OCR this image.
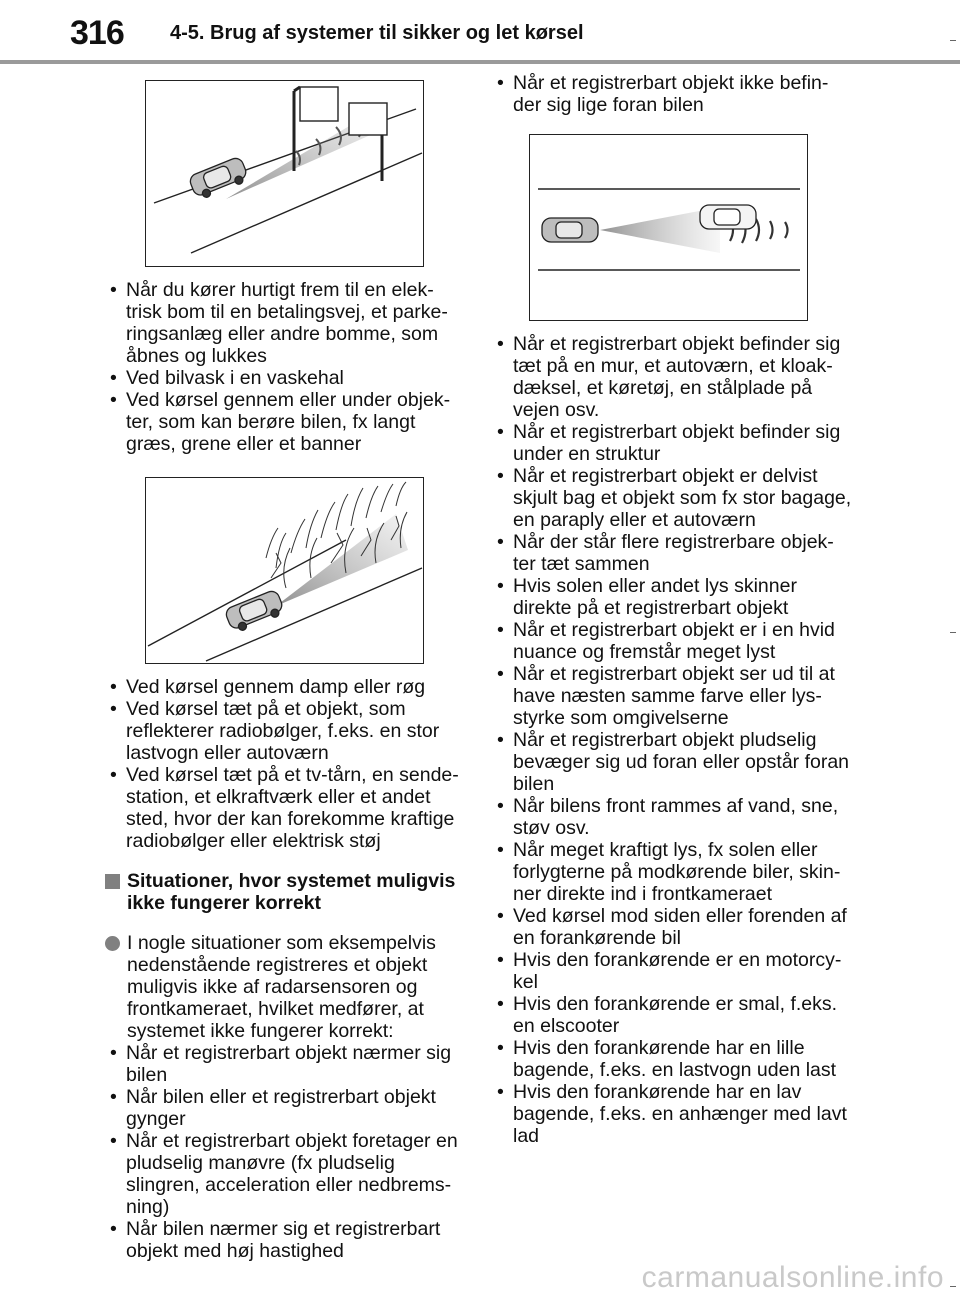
316 4-5. Brug af systemer til sikker og let kørsel
• Når du kører hurtigt frem til en elek-trisk bom til en betalingsvej, et parke-ringsanlæg eller andre bomme, som åbnes og lukkes
• Ved bilvask i en vaskehal
• Ved kørsel gennem eller under objek-ter, som kan berøre bilen, fx langt græs, grene eller et banner
• Ved kørsel gennem damp eller røg
• Ved kørsel tæt på et objekt, som reflekterer radiobølger, f.eks. en stor lastvogn eller autoværn
• Ved kørsel tæt på et tv-tårn, en sende-station, et elkraftværk eller et andet sted, hvor der kan forekomme kraftige radiobølger eller elektrisk støj
Situationer, hvor systemet muligvis ikke fungerer korrekt
I nogle situationer som eksempelvis nedenstående registreres et objekt muligvis ikke af radarsensoren og frontkameraet, hvilket medfører, at systemet ikke fungerer korrekt:
• Når et registrerbart objekt nærmer sig bilen
• Når bilen eller et registrerbart objekt gynger
• Når et registrerbart objekt foretager en pludselig manøvre (fx pludselig slingren, acceleration eller nedbrems-ning)
• Når bilen nærmer sig et registrerbart objekt med høj hastighed
• Når et registrerbart objekt ikke befin-der sig lige foran bilen
• Når et registrerbart objekt befinder sig tæt på en mur, et autoværn, et kloak-dæksel, et køretøj, en stålplade på vejen osv.
• Når et registrerbart objekt befinder sig under en struktur
• Når et registrerbart objekt er delvist skjult bag et objekt som fx stor bagage, en paraply eller et autoværn
• Når der står flere registrerbare objek-ter tæt sammen
• Hvis solen eller andet lys skinner direkte på et registrerbart objekt
• Når et registrerbart objekt er i en hvid nuance og fremstår meget lyst
• Når et registrerbart objekt ser ud til at have næsten samme farve eller lys-styrke som omgivelserne
• Når et registrerbart objekt pludselig bevæger sig ud foran eller opstår foran bilen
• Når bilens front rammes af vand, sne, støv osv.
• Når meget kraftigt lys, fx solen eller forlygterne på modkørende biler, skin-ner direkte ind i frontkameraet
• Ved kørsel mod siden eller forenden af en forankørende bil
• Hvis den forankørende er en motorcy-kel
• Hvis den forankørende er smal, f.eks. en elscooter
• Hvis den forankørende har en lille bagende, f.eks. en lastvogn uden last
• Hvis den forankørende har en lav bagende, f.eks. en anhænger med lavt lad
carmanualsonline.info
